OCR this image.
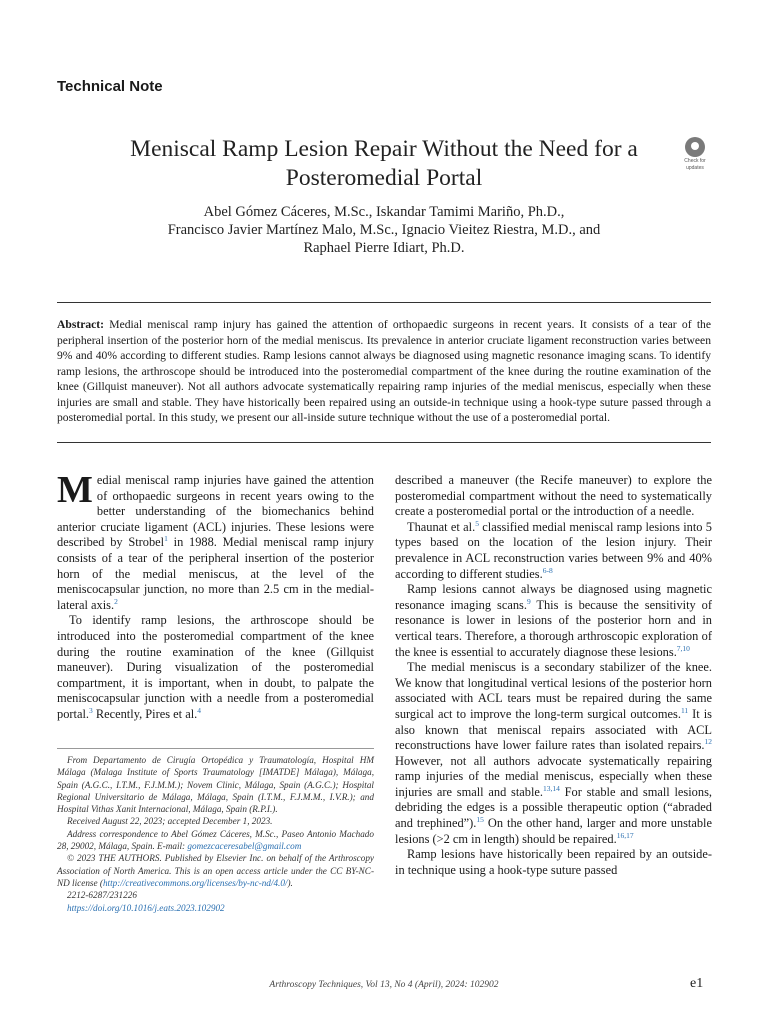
Technical Note
Meniscal Ramp Lesion Repair Without the Need for a Posteromedial Portal
Check for
updates
Abel Gómez Cáceres, M.Sc., Iskandar Tamimi Mariño, Ph.D.,
Francisco Javier Martínez Malo, M.Sc., Ignacio Vieitez Riestra, M.D., and
Raphael Pierre Idiart, Ph.D.
Abstract: Medial meniscal ramp injury has gained the attention of orthopaedic surgeons in recent years. It consists of a tear of the peripheral insertion of the posterior horn of the medial meniscus. Its prevalence in anterior cruciate ligament reconstruction varies between 9% and 40% according to different studies. Ramp lesions cannot always be diagnosed using magnetic resonance imaging scans. To identify ramp lesions, the arthroscope should be introduced into the posteromedial compartment of the knee during the routine examination of the knee (Gillquist maneuver). Not all authors advocate systematically repairing ramp injuries of the medial meniscus, especially when these injuries are small and stable. They have historically been repaired using an outside-in technique using a hook-type suture passed through a posteromedial portal. In this study, we present our all-inside suture technique without the use of a posteromedial portal.

Medial meniscal ramp injuries have gained the attention of orthopaedic surgeons in recent years owing to the better understanding of the biomechanics behind anterior cruciate ligament (ACL) injuries. These lesions were described by Strobel$^1$ in 1988. Medial meniscal ramp injury consists of a tear of the peripheral insertion of the posterior horn of the medial meniscus, at the level of the meniscocapsular junction, no more than 2.5 cm in the medial-lateral axis.$^2$

To identify ramp lesions, the arthroscope should be introduced into the posteromedial compartment of the knee during the routine examination of the knee (Gillquist maneuver). During visualization of the posteromedial compartment, it is important, when in doubt, to palpate the meniscocapsular junction with a needle from a posteromedial portal.$^3$ Recently, Pires et al.$^4$

From Departamento de Cirugía Ortopédica y Traumatología, Hospital HM Málaga (Malaga Institute of Sports Traumatology [IMATDE] Málaga), Málaga, Spain (A.G.C., I.T.M., F.J.M.M.); Novem Clinic, Málaga, Spain (A.G.C.); Hospital Regional Universitario de Málaga, Málaga, Spain (I.T.M., F.J.M.M., I.V.R.); and Hospital Vithas Xanit Internacional, Málaga, Spain (R.P.I.).

Received August 22, 2023; accepted December 1, 2023.

Address correspondence to Abel Gómez Cáceres, M.Sc., Paseo Antonio Machado 28, 29002, Málaga, Spain. E-mail: gomezcaceresabel@gmail.com

© 2023 THE AUTHORS. Published by Elsevier Inc. on behalf of the Arthroscopy Association of North America. This is an open access article under the CC BY-NC-ND license (http://creativecommons.org/licenses/by-nc-nd/4.0/).

2212-6287/231226

https://doi.org/10.1016/j.eats.2023.102902

described a maneuver (the Recife maneuver) to explore the posteromedial compartment without the need to systematically create a posteromedial portal or the introduction of a needle.

Thaunat et al.$^5$ classified medial meniscal ramp lesions into 5 types based on the location of the lesion injury. Their prevalence in ACL reconstruction varies between 9% and 40% according to different studies.$^{6-8}$

Ramp lesions cannot always be diagnosed using magnetic resonance imaging scans.$^9$ This is because the sensitivity of resonance is lower in lesions of the posterior horn and in vertical tears. Therefore, a thorough arthroscopic exploration of the knee is essential to accurately diagnose these lesions.$^{7,10}$

The medial meniscus is a secondary stabilizer of the knee. We know that longitudinal vertical lesions of the posterior horn associated with ACL tears must be repaired during the same surgical act to improve the long-term surgical outcomes.$^{11}$ It is also known that meniscal repairs associated with ACL reconstructions have lower failure rates than isolated repairs.$^{12}$ However, not all authors advocate systematically repairing ramp injuries of the medial meniscus, especially when these injuries are small and stable.$^{13,14}$ For stable and small lesions, debriding the edges is a possible therapeutic option (“abraded and trephined”).$^{15}$ On the other hand, larger and more unstable lesions (>2 cm in length) should be repaired.$^{16,17}$

Ramp lesions have historically been repaired by an outside-in technique using a hook-type suture passed

Arthroscopy Techniques, Vol 13, No 4 (April), 2024: 102902	e1
